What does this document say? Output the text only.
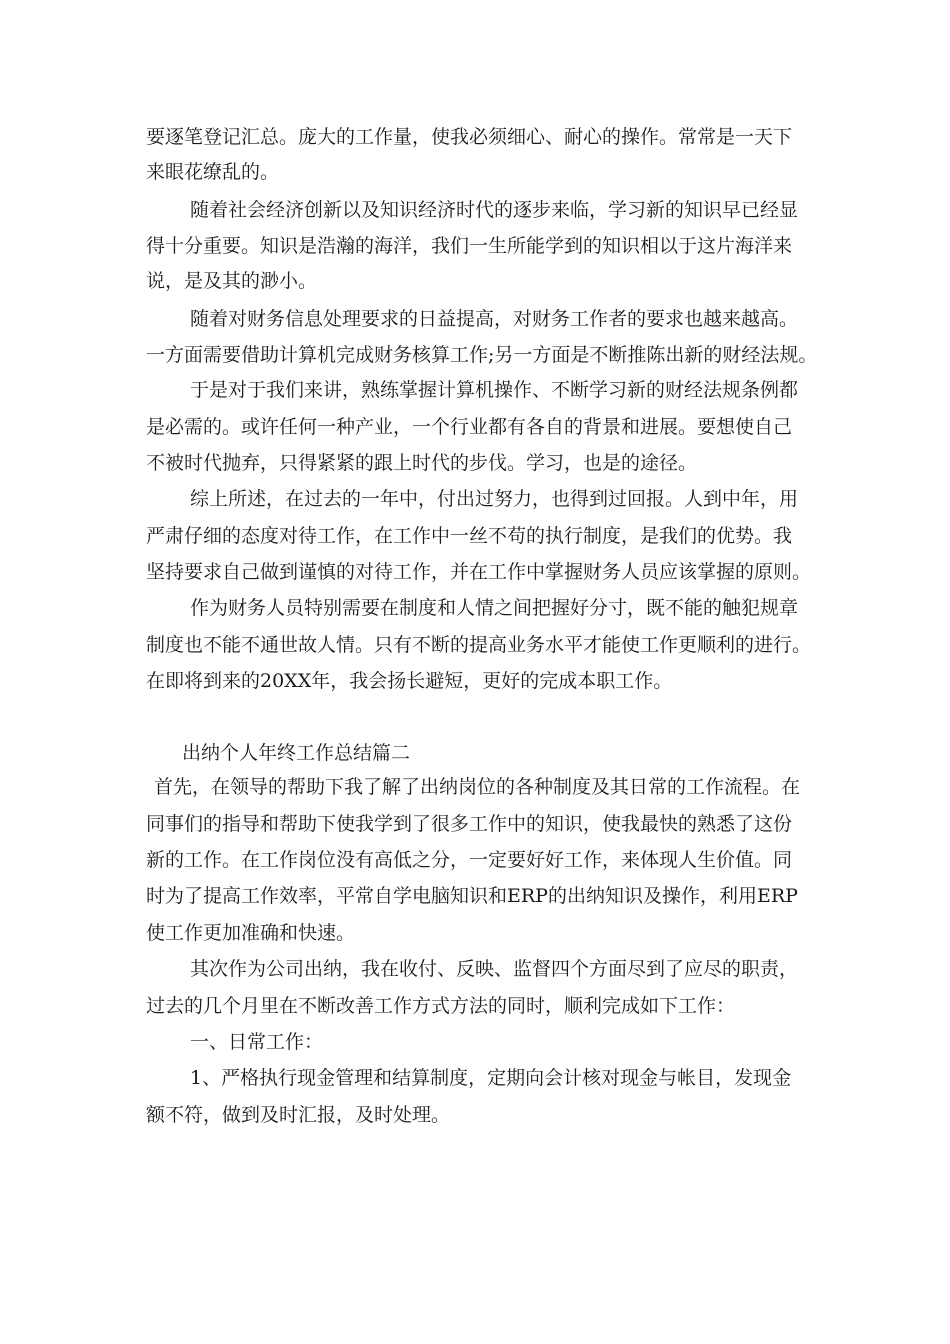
要逐笔登记汇总。庞大的工作量，使我必须细心、耐心的操作。常常是一天下
来眼花缭乱的。
随着社会经济创新以及知识经济时代的逐步来临，学习新的知识早已经显
得十分重要。知识是浩瀚的海洋，我们一生所能学到的知识相以于这片海洋来
说，是及其的渺小。
随着对财务信息处理要求的日益提高，对财务工作者的要求也越来越高。
一方面需要借助计算机完成财务核算工作;另一方面是不断推陈出新的财经法规。
于是对于我们来讲，熟练掌握计算机操作、不断学习新的财经法规条例都
是必需的。或许任何一种产业，一个行业都有各自的背景和进展。要想使自己
不被时代抛弃，只得紧紧的跟上时代的步伐。学习，也是的途径。
综上所述，在过去的一年中，付出过努力，也得到过回报。人到中年，用
严肃仔细的态度对待工作，在工作中一丝不苟的执行制度，是我们的优势。我
坚持要求自己做到谨慎的对待工作，并在工作中掌握财务人员应该掌握的原则。
作为财务人员特别需要在制度和人情之间把握好分寸，既不能的触犯规章
制度也不能不通世故人情。只有不断的提高业务水平才能使工作更顺利的进行。
在即将到来的20XX年，我会扬长避短，更好的完成本职工作。
出纳个人年终工作总结篇二
首先，在领导的帮助下我了解了出纳岗位的各种制度及其日常的工作流程。在
同事们的指导和帮助下使我学到了很多工作中的知识，使我最快的熟悉了这份
新的工作。在工作岗位没有高低之分，一定要好好工作，来体现人生价值。同
时为了提高工作效率，平常自学电脑知识和ERP的出纳知识及操作，利用ERP
使工作更加准确和快速。
其次作为公司出纳，我在收付、反映、监督四个方面尽到了应尽的职责，
过去的几个月里在不断改善工作方式方法的同时，顺利完成如下工作：
一、日常工作：
1、严格执行现金管理和结算制度，定期向会计核对现金与帐目，发现金
额不符，做到及时汇报，及时处理。
